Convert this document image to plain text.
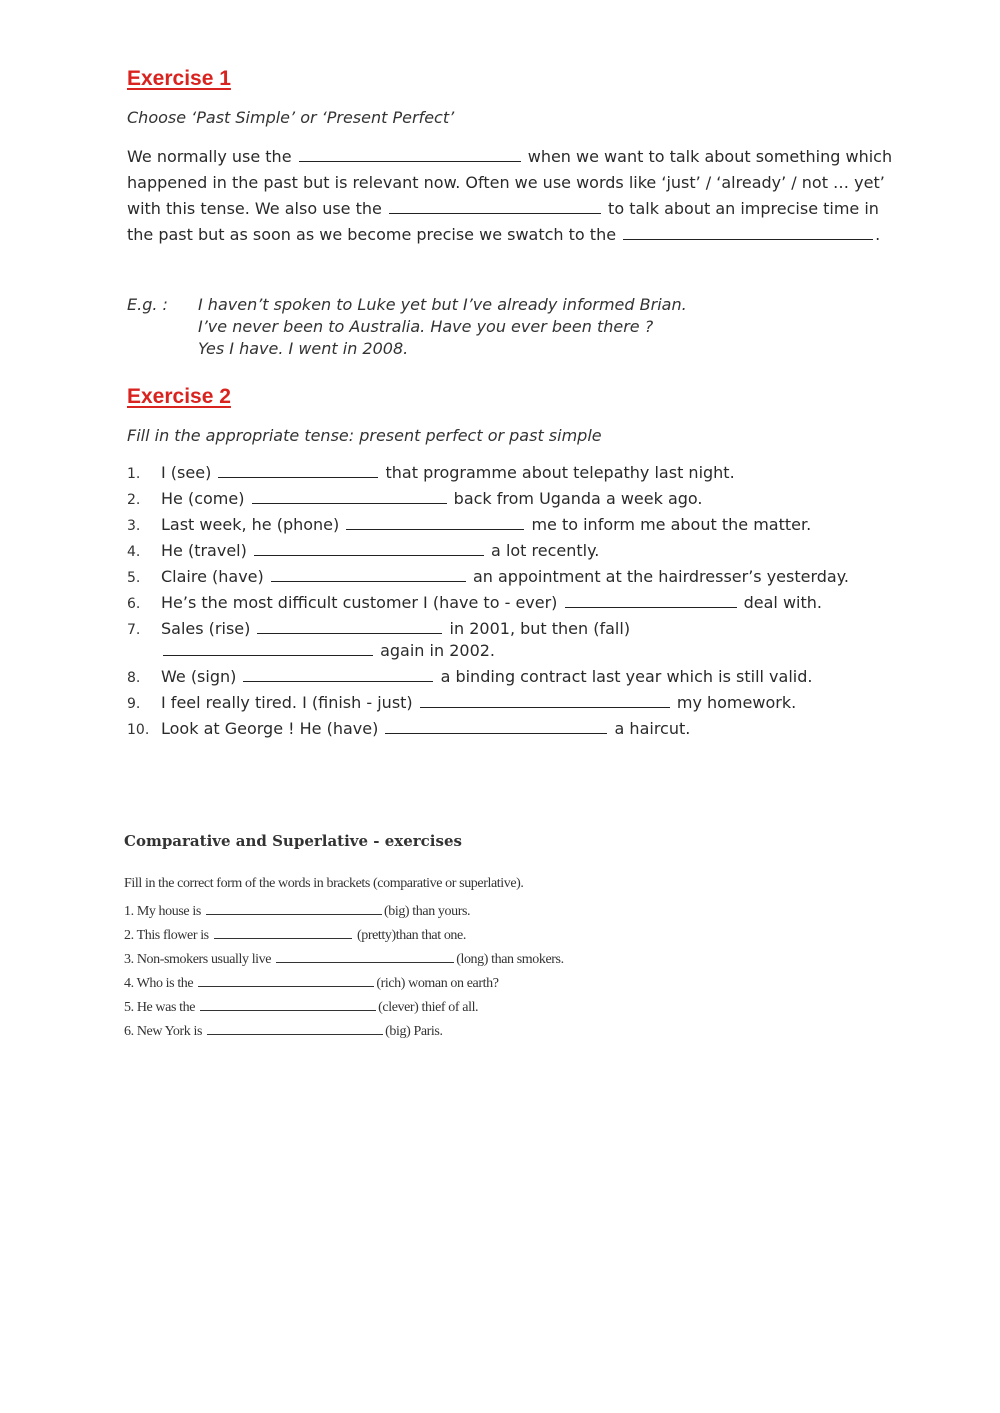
Exercise 1

Choose ‘Past Simple’ or ‘Present Perfect’

We normally use the	when we want to talk about something which happened in the past but is relevant now. Often we use words like ‘just’ / ‘already’ / not … yet’ with this tense. We also use the	to talk about an imprecise time in the past but as soon as we become precise we swatch to the	.

E.g. :	I haven’t spoken to Luke yet but I’ve already informed Brian.
I’ve never been to Australia. Have you ever been there ?
Yes I have. I went in 2008.
Exercise 2

Fill in the appropriate tense: present perfect or past simple

1.	I (see)	that programme about telepathy last night.
2.	He (come)	back from Uganda a week ago.
3.	Last week, he (phone)	me to inform me about the matter.
4.	He (travel)	a lot recently.
5.	Claire (have)	an appointment at the hairdresser’s yesterday.
6.	He’s the most difficult customer I (have to - ever)	deal with.
7.	Sales (rise)	in 2001, but then (fall)
again in 2002.
8.	We (sign)	a binding contract last year which is still valid.
9.	I feel really tired. I (finish - just)	my homework.
10. Look at George ! He (have)	a haircut.
Comparative and Superlative - exercises

Fill in the correct form of the words in brackets (comparative or superlative).

1. My house is	(big) than yours.
2. This flower is	(pretty)than that one.
3. Non-smokers usually live	(long) than smokers.
4. Who is the	(rich) woman on earth?
5. He was the	(clever) thief of all.
6. New York is	(big) Paris.
